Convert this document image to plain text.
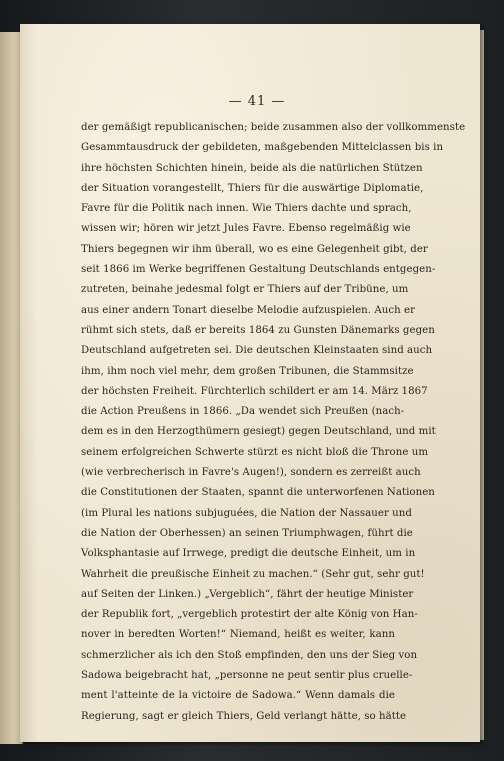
— 41 —
der gemäßigt republicanischen; beide zusammen also der vollkommenste
Gesammtausdruck der gebildeten, maßgebenden Mittelclassen bis in
ihre höchsten Schichten hinein, beide als die natürlichen Stützen
der Situation vorangestellt, Thiers für die auswärtige Diplomatie,
Favre für die Politik nach innen. Wie Thiers dachte und sprach,
wissen wir; hören wir jetzt Jules Favre. Ebenso regelmäßig wie
Thiers begegnen wir ihm überall, wo es eine Gelegenheit gibt, der
seit 1866 im Werke begriffenen Gestaltung Deutschlands entgegen-
zutreten, beinahe jedesmal folgt er Thiers auf der Tribüne, um
aus einer andern Tonart dieselbe Melodie aufzuspielen. Auch er
rühmt sich stets, daß er bereits 1864 zu Gunsten Dänemarks gegen
Deutschland aufgetreten sei. Die deutschen Kleinstaaten sind auch
ihm, ihm noch viel mehr, dem großen Tribunen, die Stammsitze
der höchsten Freiheit. Fürchterlich schildert er am 14. März 1867
die Action Preußens in 1866. „Da wendet sich Preußen (nach-
dem es in den Herzogthümern gesiegt) gegen Deutschland, und mit
seinem erfolgreichen Schwerte stürzt es nicht bloß die Throne um
(wie verbrecherisch in Favre's Augen!), sondern es zerreißt auch
die Constitutionen der Staaten, spannt die unterworfenen Nationen
(im Plural les nations subjuguées, die Nation der Nassauer und
die Nation der Oberhessen) an seinen Triumphwagen, führt die
Volksphantasie auf Irrwege, predigt die deutsche Einheit, um in
Wahrheit die preußische Einheit zu machen.“ (Sehr gut, sehr gut!
auf Seiten der Linken.) „Vergeblich“, fährt der heutige Minister
der Republik fort, „vergeblich protestirt der alte König von Han-
nover in beredten Worten!“ Niemand, heißt es weiter, kann
schmerzlicher als ich den Stoß empfinden, den uns der Sieg von
Sadowa beigebracht hat, „personne ne peut sentir plus cruelle-
ment l'atteinte de la victoire de Sadowa.“ Wenn damals die
Regierung, sagt er gleich Thiers, Geld verlangt hätte, so hätte
